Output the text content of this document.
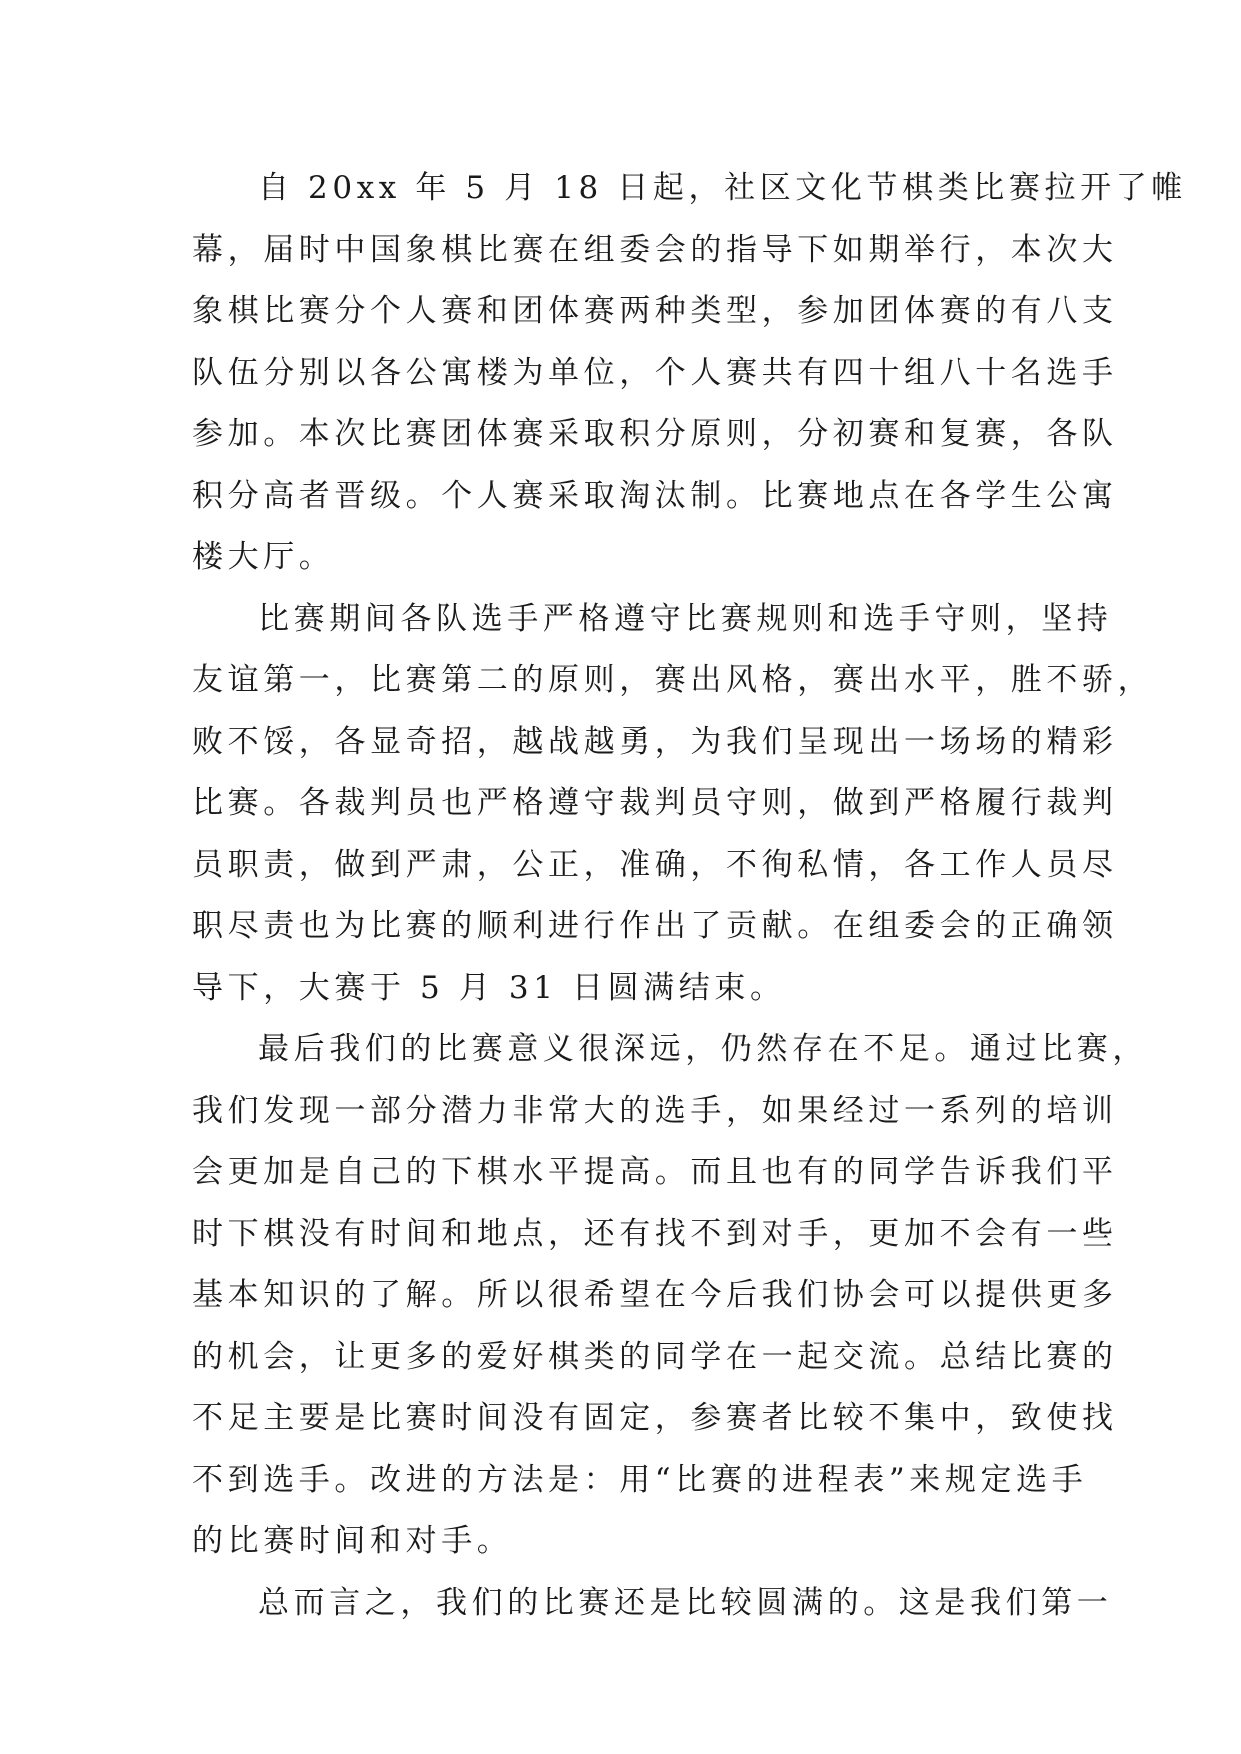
自 20xx 年 5 月 18 日起，社区文化节棋类比赛拉开了帷
幕，届时中国象棋比赛在组委会的指导下如期举行，本次大
象棋比赛分个人赛和团体赛两种类型，参加团体赛的有八支
队伍分别以各公寓楼为单位，个人赛共有四十组八十名选手
参加。本次比赛团体赛采取积分原则，分初赛和复赛，各队
积分高者晋级。个人赛采取淘汰制。比赛地点在各学生公寓
楼大厅。
比赛期间各队选手严格遵守比赛规则和选手守则，坚持
友谊第一，比赛第二的原则，赛出风格，赛出水平，胜不骄，
败不馁，各显奇招，越战越勇，为我们呈现出一场场的精彩
比赛。各裁判员也严格遵守裁判员守则，做到严格履行裁判
员职责，做到严肃，公正，准确，不徇私情，各工作人员尽
职尽责也为比赛的顺利进行作出了贡献。在组委会的正确领
导下，大赛于 5 月 31 日圆满结束。
最后我们的比赛意义很深远，仍然存在不足。通过比赛，
我们发现一部分潜力非常大的选手，如果经过一系列的培训
会更加是自己的下棋水平提高。而且也有的同学告诉我们平
时下棋没有时间和地点，还有找不到对手，更加不会有一些
基本知识的了解。所以很希望在今后我们协会可以提供更多
的机会，让更多的爱好棋类的同学在一起交流。总结比赛的
不足主要是比赛时间没有固定，参赛者比较不集中，致使找
不到选手。改进的方法是：用“比赛的进程表”来规定选手
的比赛时间和对手。
总而言之，我们的比赛还是比较圆满的。这是我们第一
